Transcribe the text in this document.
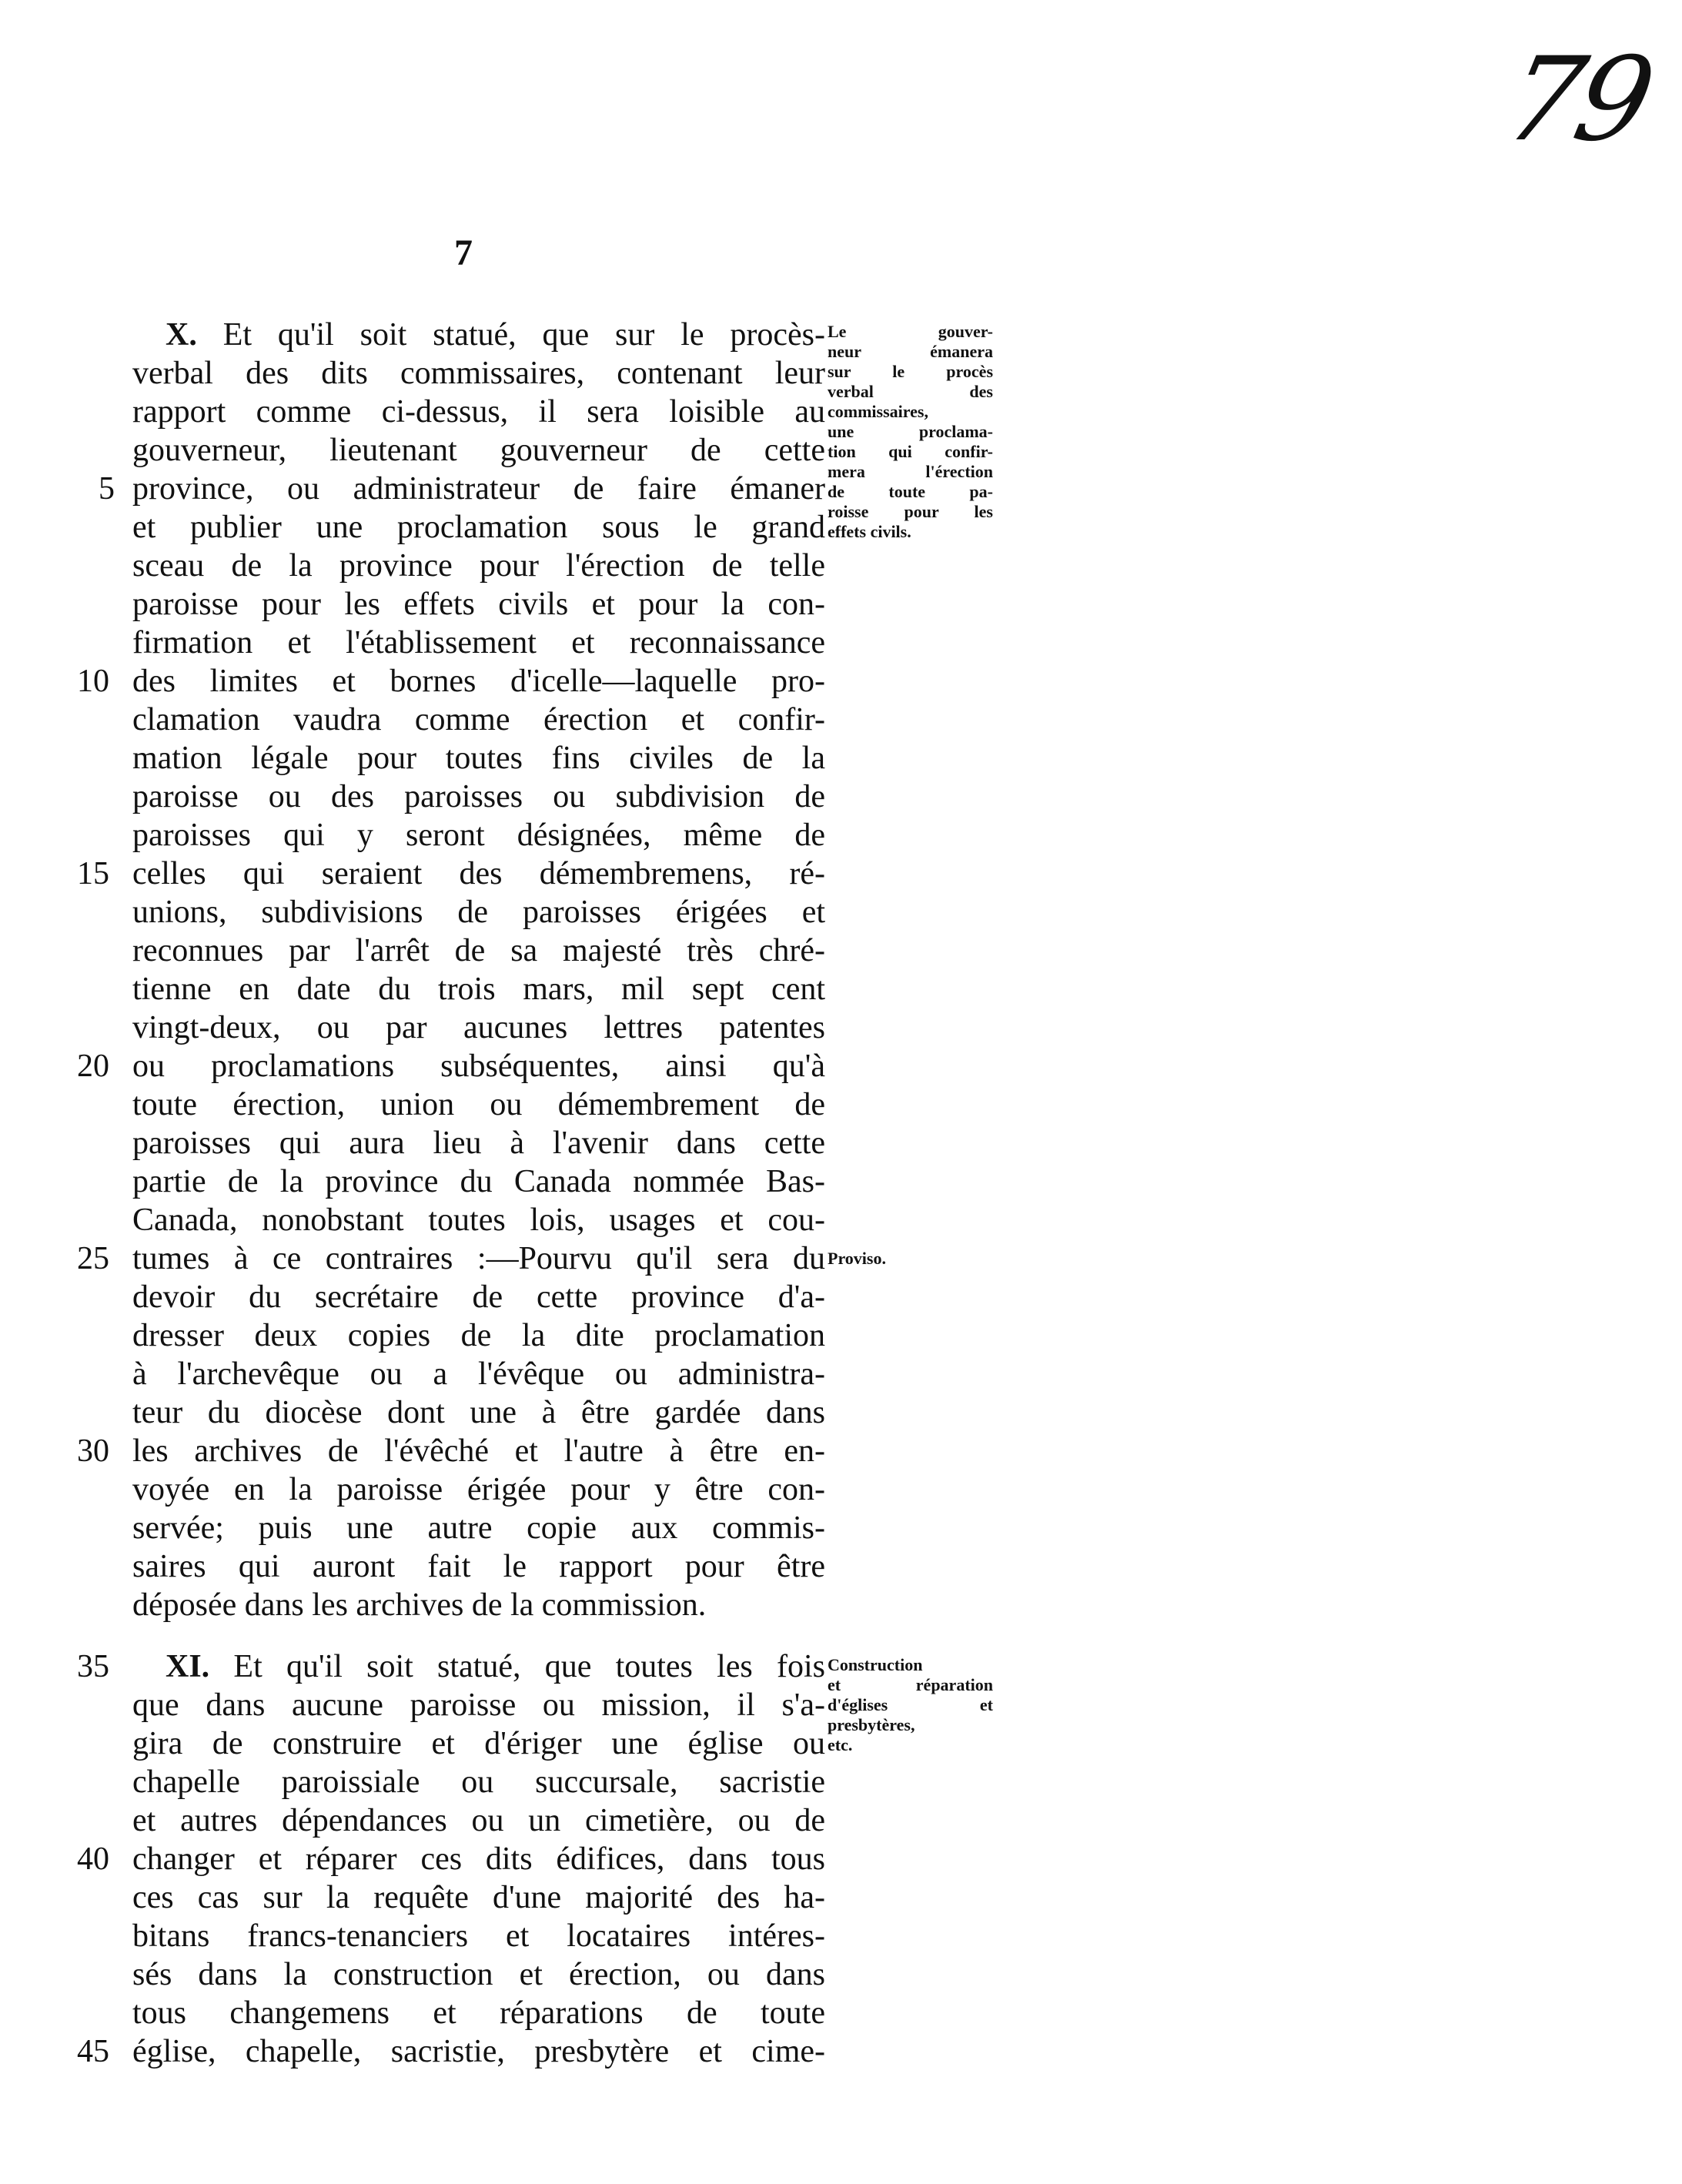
79
7
X. Et qu'il soit statué, que sur le procès-
verbal des dits commissaires, contenant leur
rapport comme ci-dessus, il sera loisible au
gouverneur, lieutenant gouverneur de cette
province, ou administrateur de faire émaner
et publier une proclamation sous le grand
sceau de la province pour l'érection de telle
paroisse pour les effets civils et pour la con-
firmation et l'établissement et reconnaissance
des limites et bornes d'icelle—laquelle pro-
clamation vaudra comme érection et confir-
mation légale pour toutes fins civiles de la
paroisse ou des paroisses ou subdivision de
paroisses qui y seront désignées, même de
celles qui seraient des démembremens, ré-
unions, subdivisions de paroisses érigées et
reconnues par l'arrêt de sa majesté très chré-
tienne en date du trois mars, mil sept cent
vingt-deux, ou par aucunes lettres patentes
ou proclamations subséquentes, ainsi qu'à
toute érection, union ou démembrement de
paroisses qui aura lieu à l'avenir dans cette
partie de la province du Canada nommée Bas-
Canada, nonobstant toutes lois, usages et cou-
tumes à ce contraires :—Pourvu qu'il sera du
devoir du secrétaire de cette province d'a-
dresser deux copies de la dite proclamation
à l'archevêque ou a l'évêque ou administra-
teur du diocèse dont une à être gardée dans
les archives de l'évêché et l'autre à être en-
voyée en la paroisse érigée pour y être con-
servée; puis une autre copie aux commis-
saires qui auront fait le rapport pour être
déposée dans les archives de la commission.
XI. Et qu'il soit statué, que toutes les fois
que dans aucune paroisse ou mission, il s'a-
gira de construire et d'ériger une église ou
chapelle paroissiale ou succursale, sacristie
et autres dépendances ou un cimetière, ou de
changer et réparer ces dits édifices, dans tous
ces cas sur la requête d'une majorité des ha-
bitans francs-tenanciers et locataires intéres-
sés dans la construction et érection, ou dans
tous changemens et réparations de toute
église, chapelle, sacristie, presbytère et cime-
5
10
15
20
25
30
35
40
45
Le gouver-
neur émanera
sur le procès
verbal des
commissaires,
une proclama-
tion qui confir-
mera l'érection
de toute pa-
roisse pour les
effets civils.
Proviso.
Construction
et réparation
d'églises et
presbytères,
etc.
